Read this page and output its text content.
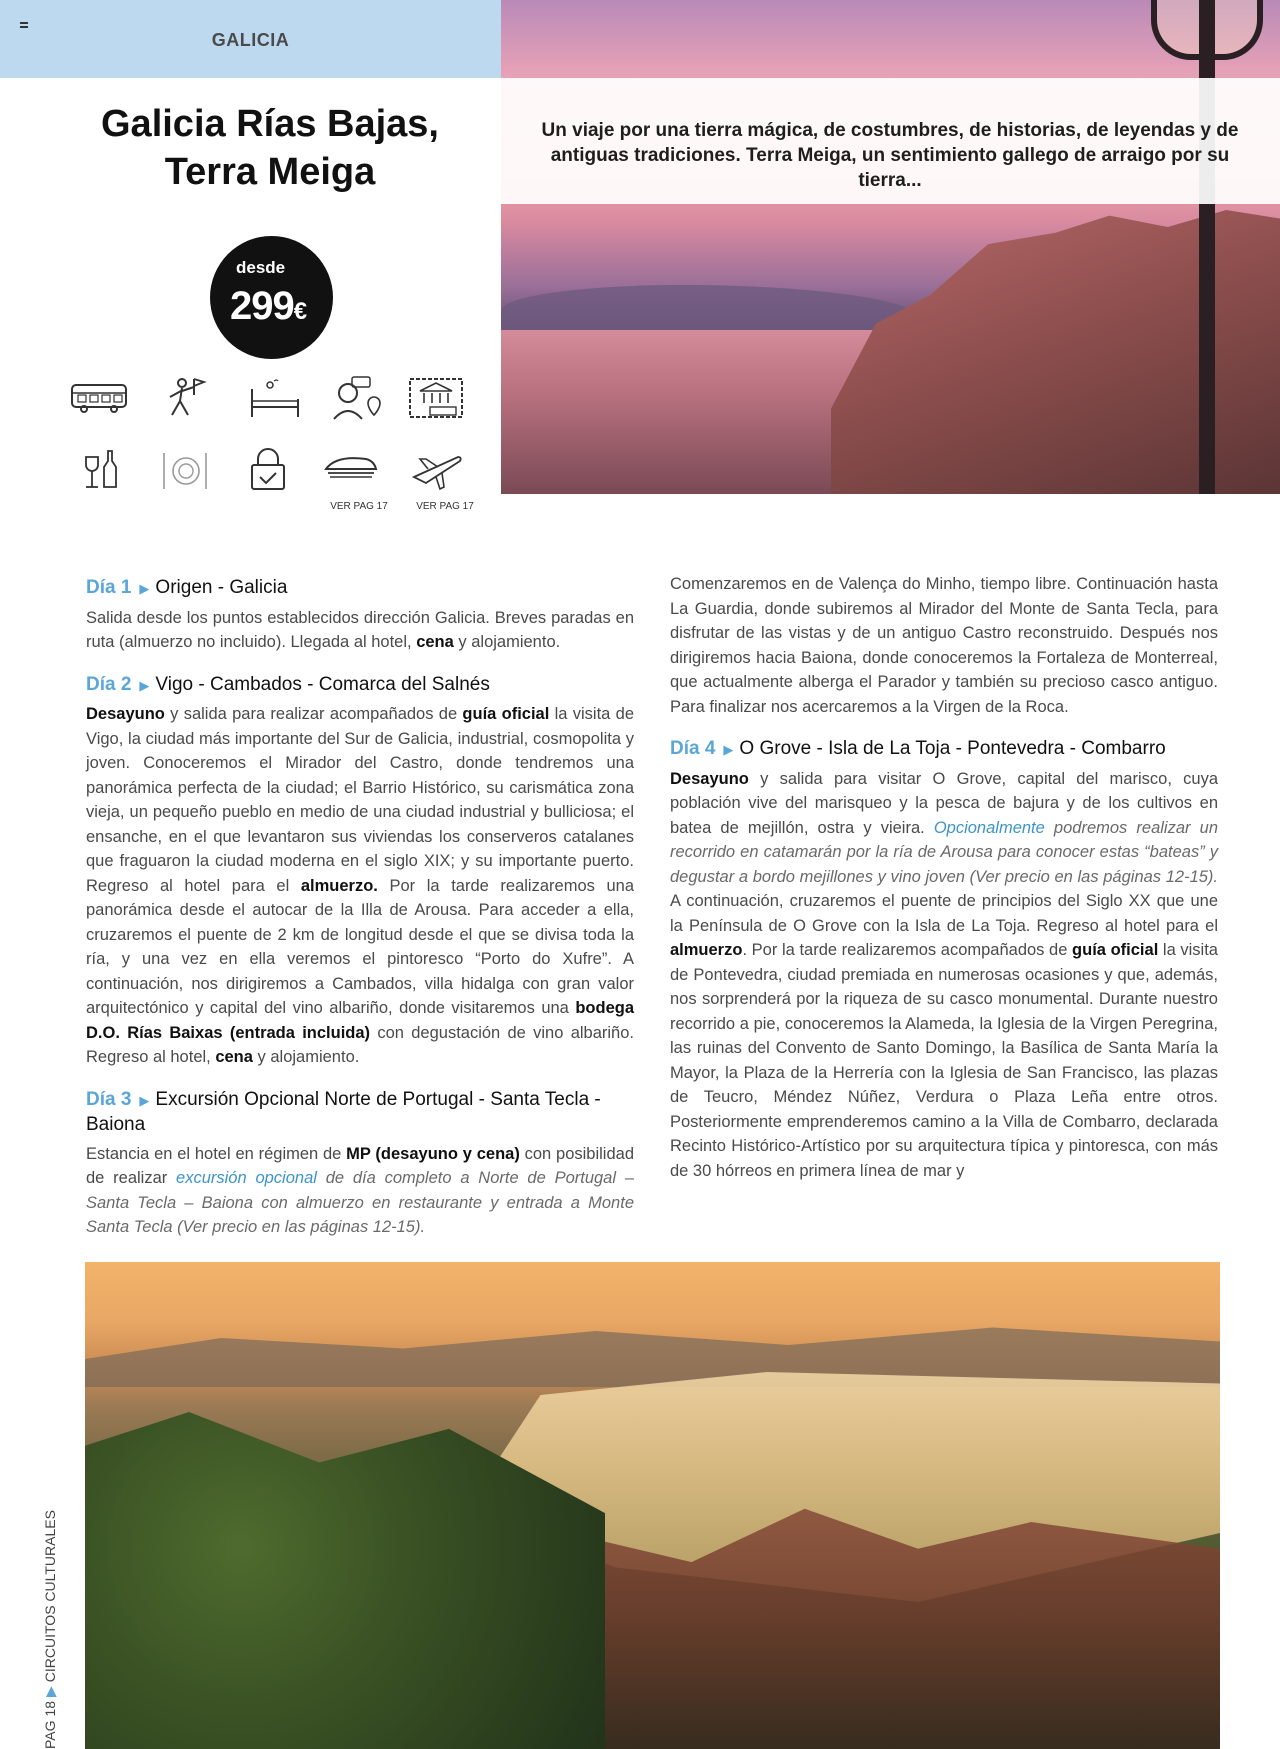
GALICIA
Un viaje por una tierra mágica, de costumbres, de historias, de leyendas y de antiguas tradiciones. Terra Meiga, un sentimiento gallego de arraigo por su tierra...
Galicia Rías Bajas,
Terra Meiga
desde
299€
VER PAG 17	VER PAG 17
Día 1 ▶ Origen - Galicia

Salida desde los puntos establecidos dirección Galicia. Breves paradas en ruta (almuerzo no incluido). Llegada al hotel, cena y alojamiento.

Día 2 ▶ Vigo - Cambados - Comarca del Salnés

Desayuno y salida para realizar acompañados de guía oficial la visita de Vigo, la ciudad más importante del Sur de Galicia, industrial, cosmopolita y joven. Conoceremos el Mirador del Castro, donde tendremos una panorámica perfecta de la ciudad; el Barrio Histórico, su carismática zona vieja, un pequeño pueblo en medio de una ciudad industrial y bulliciosa; el ensanche, en el que levantaron sus viviendas los conserveros catalanes que fraguaron la ciudad moderna en el siglo XIX; y su importante puerto. Regreso al hotel para el almuerzo. Por la tarde realizaremos una panorámica desde el autocar de la Illa de Arousa. Para acceder a ella, cruzaremos el puente de 2 km de longitud desde el que se divisa toda la ría, y una vez en ella veremos el pintoresco “Porto do Xufre”. A continuación, nos dirigiremos a Cambados, villa hidalga con gran valor arquitectónico y capital del vino albariño, donde visitaremos una bodega D.O. Rías Baixas (entrada incluida) con degustación de vino albariño. Regreso al hotel, cena y alojamiento.

Día 3 ▶ Excursión Opcional Norte de Portugal - Santa Tecla - Baiona

Estancia en el hotel en régimen de MP (desayuno y cena) con posibilidad de realizar excursión opcional de día completo a Norte de Portugal – Santa Tecla – Baiona con almuerzo en restaurante y entrada a Monte Santa Tecla (Ver precio en las páginas 12-15).

Comenzaremos en de Valença do Minho, tiempo libre. Continuación hasta La Guardia, donde subiremos al Mirador del Monte de Santa Tecla, para disfrutar de las vistas y de un antiguo Castro reconstruido. Después nos dirigiremos hacia Baiona, donde conoceremos la Fortaleza de Monterreal, que actualmente alberga el Parador y también su precioso casco antiguo. Para finalizar nos acercaremos a la Virgen de la Roca.

Día 4 ▶ O Grove - Isla de La Toja - Pontevedra - Combarro

Desayuno y salida para visitar O Grove, capital del marisco, cuya población vive del marisqueo y la pesca de bajura y de los cultivos en batea de mejillón, ostra y vieira. Opcionalmente podremos realizar un recorrido en catamarán por la ría de Arousa para conocer estas “bateas” y degustar a bordo mejillones y vino joven (Ver precio en las páginas 12-15). A continuación, cruzaremos el puente de principios del Siglo XX que une la Península de O Grove con la Isla de La Toja. Regreso al hotel para el almuerzo. Por la tarde realizaremos acompañados de guía oficial la visita de Pontevedra, ciudad premiada en numerosas ocasiones y que, además, nos sorprenderá por la riqueza de su casco monumental. Durante nuestro recorrido a pie, conoceremos la Alameda, la Iglesia de la Virgen Peregrina, las ruinas del Convento de Santo Domingo, la Basílica de Santa María la Mayor, la Plaza de la Herrería con la Iglesia de San Francisco, las plazas de Teucro, Méndez Núñez, Verdura o Plaza Leña entre otros. Posteriormente emprenderemos camino a la Villa de Combarro, declarada Recinto Histórico-Artístico por su arquitectura típica y pintoresca, con más de 30 hórreos en primera línea de mar y

PAG 18▶CIRCUITOS CULTURALES
